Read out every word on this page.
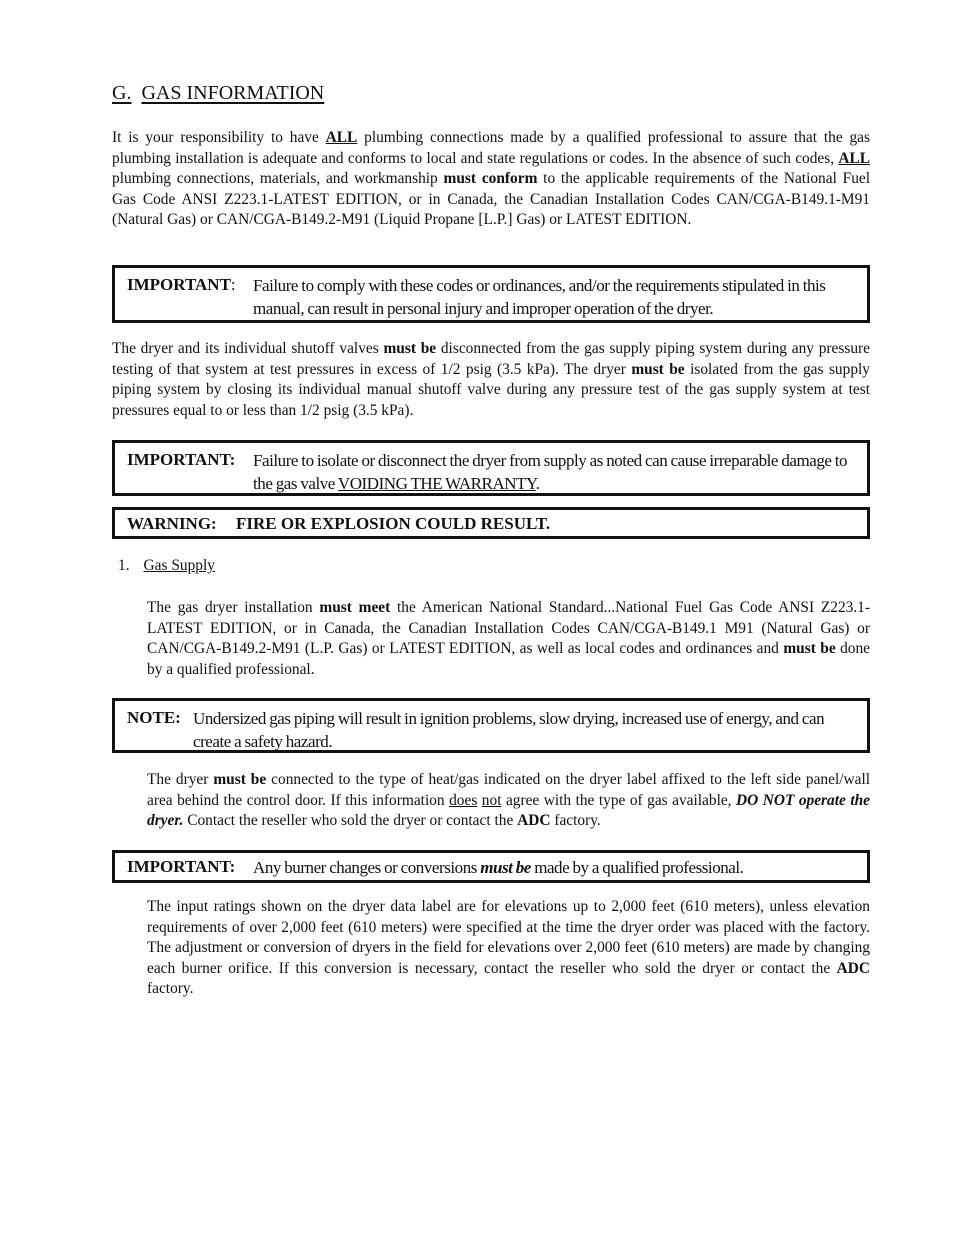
G. GAS INFORMATION

It is your responsibility to have ALL plumbing connections made by a qualified professional to assure that the gas plumbing installation is adequate and conforms to local and state regulations or codes. In the absence of such codes, ALL plumbing connections, materials, and workmanship must conform to the applicable requirements of the National Fuel Gas Code ANSI Z223.1-LATEST EDITION, or in Canada, the Canadian Installation Codes CAN/CGA-B149.1-M91 (Natural Gas) or CAN/CGA-B149.2-M91 (Liquid Propane [L.P.] Gas) or LATEST EDITION.

IMPORTANT: Failure to comply with these codes or ordinances, and/or the requirements stipulated in this manual, can result in personal injury and improper operation of the dryer.

The dryer and its individual shutoff valves must be disconnected from the gas supply piping system during any pressure testing of that system at test pressures in excess of 1/2 psig (3.5 kPa). The dryer must be isolated from the gas supply piping system by closing its individual manual shutoff valve during any pressure test of the gas supply system at test pressures equal to or less than 1/2 psig (3.5 kPa).

IMPORTANT: Failure to isolate or disconnect the dryer from supply as noted can cause irreparable damage to the gas valve VOIDING THE WARRANTY.
WARNING: FIRE OR EXPLOSION COULD RESULT.
1. Gas Supply

The gas dryer installation must meet the American National Standard...National Fuel Gas Code ANSI Z223.1-LATEST EDITION, or in Canada, the Canadian Installation Codes CAN/CGA-B149.1 M91 (Natural Gas) or CAN/CGA-B149.2-M91 (L.P. Gas) or LATEST EDITION, as well as local codes and ordinances and must be done by a qualified professional.

NOTE: Undersized gas piping will result in ignition problems, slow drying, increased use of energy, and can create a safety hazard.

The dryer must be connected to the type of heat/gas indicated on the dryer label affixed to the left side panel/wall area behind the control door. If this information does not agree with the type of gas available, DO NOT operate the dryer. Contact the reseller who sold the dryer or contact the ADC factory.

IMPORTANT: Any burner changes or conversions must be made by a qualified professional.

The input ratings shown on the dryer data label are for elevations up to 2,000 feet (610 meters), unless elevation requirements of over 2,000 feet (610 meters) were specified at the time the dryer order was placed with the factory. The adjustment or conversion of dryers in the field for elevations over 2,000 feet (610 meters) are made by changing each burner orifice. If this conversion is necessary, contact the reseller who sold the dryer or contact the ADC factory.
